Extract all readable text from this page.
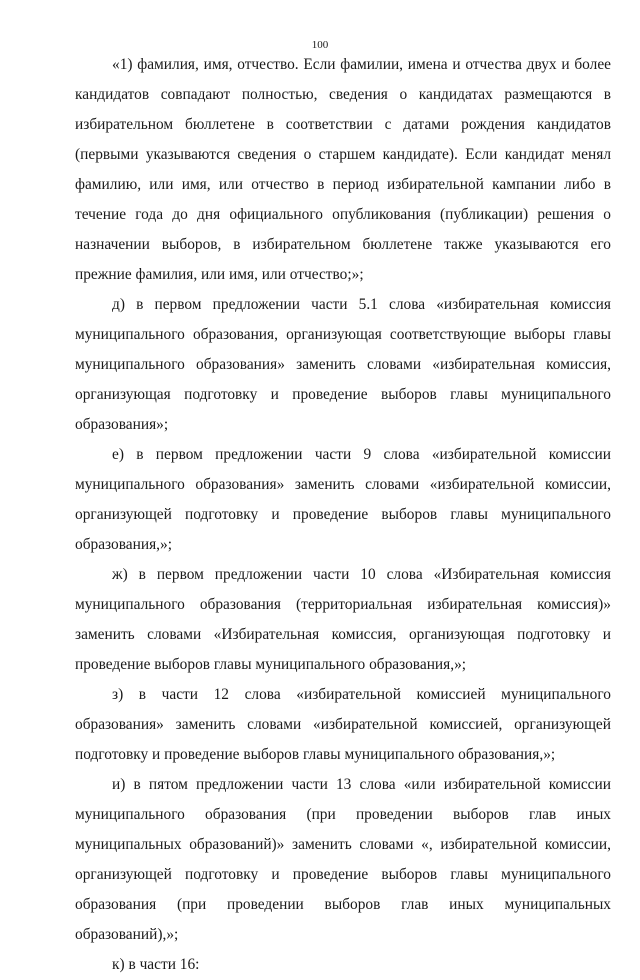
100

«1) фамилия, имя, отчество. Если фамилии, имена и отчества двух и более кандидатов совпадают полностью, сведения о кандидатах размещаются в избирательном бюллетене в соответствии с датами рождения кандидатов (первыми указываются сведения о старшем кандидате). Если кандидат менял фамилию, или имя, или отчество в период избирательной кампании либо в течение года до дня официального опубликования (публикации) решения о назначении выборов, в избирательном бюллетене также указываются его прежние фамилия, или имя, или отчество;»;

д) в первом предложении части 5.1 слова «избирательная комиссия муниципального образования, организующая соответствующие выборы главы муниципального образования» заменить словами «избирательная комиссия, организующая подготовку и проведение выборов главы муниципального образования»;

е) в первом предложении части 9 слова «избирательной комиссии муниципального образования» заменить словами «избирательной комиссии, организующей подготовку и проведение выборов главы муниципального образования,»;

ж) в первом предложении части 10 слова «Избирательная комиссия муниципального образования (территориальная избирательная комиссия)» заменить словами «Избирательная комиссия, организующая подготовку и проведение выборов главы муниципального образования,»;

з) в части 12 слова «избирательной комиссией муниципального образования» заменить словами «избирательной комиссией, организующей подготовку и проведение выборов главы муниципального образования,»;

и) в пятом предложении части 13 слова «или избирательной комиссии муниципального образования (при проведении выборов глав иных муниципальных образований)» заменить словами «, избирательной комиссии, организующей подготовку и проведение выборов главы муниципального образования (при проведении выборов глав иных муниципальных образований),»;

к) в части 16:
